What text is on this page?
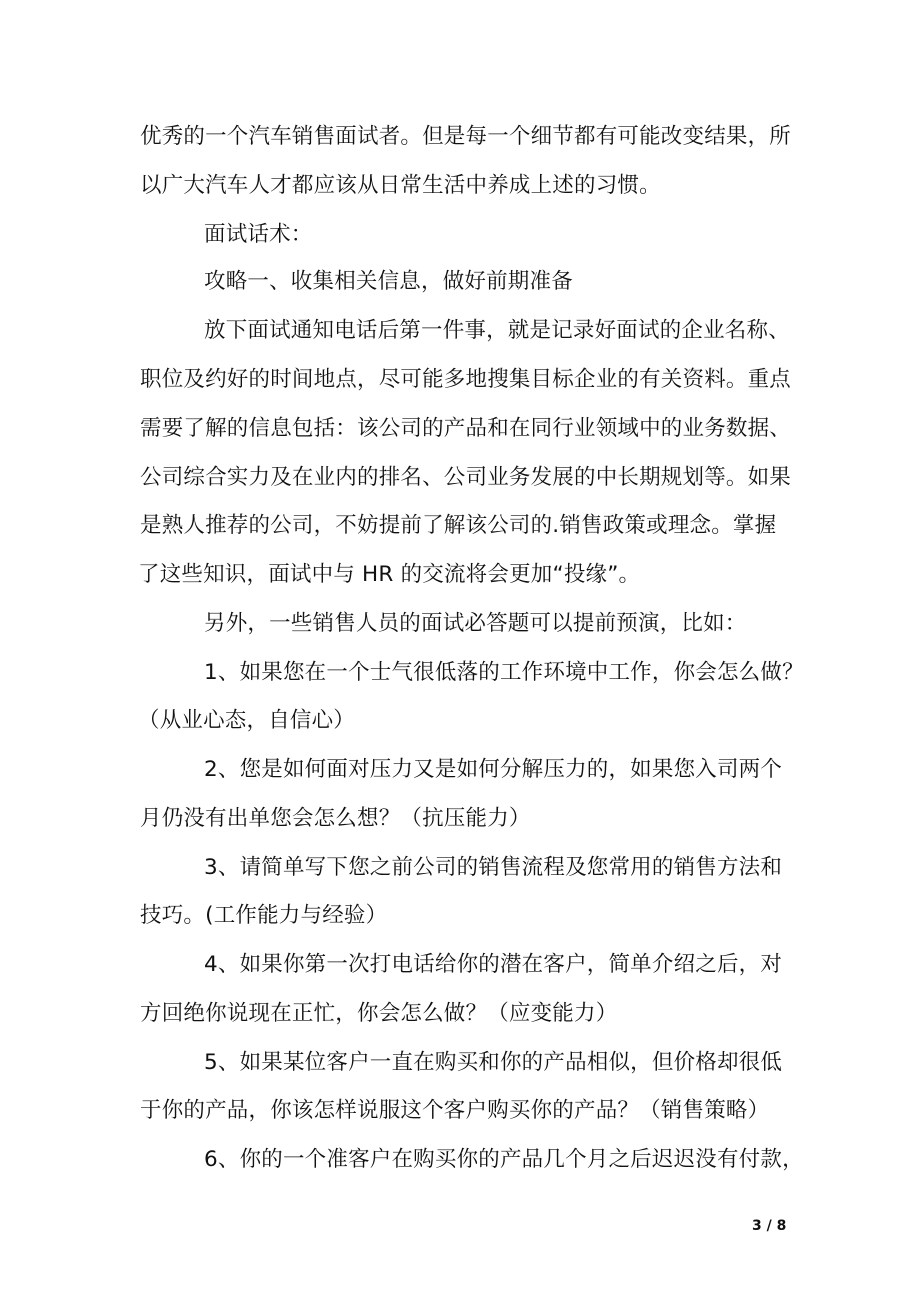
优秀的一个汽车销售面试者。但是每一个细节都有可能改变结果，所
以广大汽车人才都应该从日常生活中养成上述的习惯。
面试话术：
攻略一、收集相关信息，做好前期准备
放下面试通知电话后第一件事，就是记录好面试的企业名称、
职位及约好的时间地点，尽可能多地搜集目标企业的有关资料。重点
需要了解的信息包括：该公司的产品和在同行业领域中的业务数据、
公司综合实力及在业内的排名、公司业务发展的中长期规划等。如果
是熟人推荐的公司，不妨提前了解该公司的.销售政策或理念。掌握
了这些知识，面试中与 HR 的交流将会更加“投缘”。
另外，一些销售人员的面试必答题可以提前预演，比如：
1、如果您在一个士气很低落的工作环境中工作，你会怎么做？
（从业心态，自信心）
2、您是如何面对压力又是如何分解压力的，如果您入司两个
月仍没有出单您会怎么想？（抗压能力）
3、请简单写下您之前公司的销售流程及您常用的销售方法和
技巧。(工作能力与经验）
4、如果你第一次打电话给你的潜在客户，简单介绍之后，对
方回绝你说现在正忙，你会怎么做？（应变能力）
5、如果某位客户一直在购买和你的产品相似，但价格却很低
于你的产品，你该怎样说服这个客户购买你的产品？（销售策略）
6、你的一个准客户在购买你的产品几个月之后迟迟没有付款，
3 / 8
